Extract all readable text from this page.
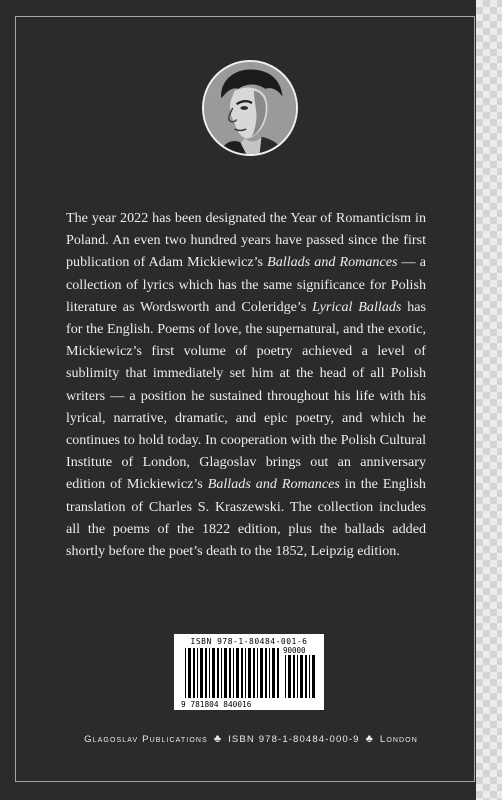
The year 2022 has been designated the Year of Romanticism in Poland. An even two hundred years have passed since the first publication of Adam Mickiewicz’s Ballads and Romances — a collection of lyrics which has the same significance for Polish literature as Wordsworth and Coleridge’s Lyrical Ballads has for the English. Poems of love, the supernatural, and the exotic, Mickiewicz’s first volume of poetry achieved a level of sublimity that immediately set him at the head of all Polish writers — a position he sustained throughout his life with his lyrical, narrative, dramatic, and epic poetry, and which he continues to hold today. In cooperation with the Polish Cultural Institute of London, Glagoslav brings out an anniversary edition of Mickiewicz’s Ballads and Romances in the English translation of Charles S. Kraszewski. The collection includes all the poems of the 1822 edition, plus the ballads added shortly before the poet’s death to the 1852, Leipzig edition.

ISBN 978-1-80484-001-6
90000
9 781804 840016
Glagoslav Publications ♣ ISBN 978-1-80484-000-9 ♣ London
